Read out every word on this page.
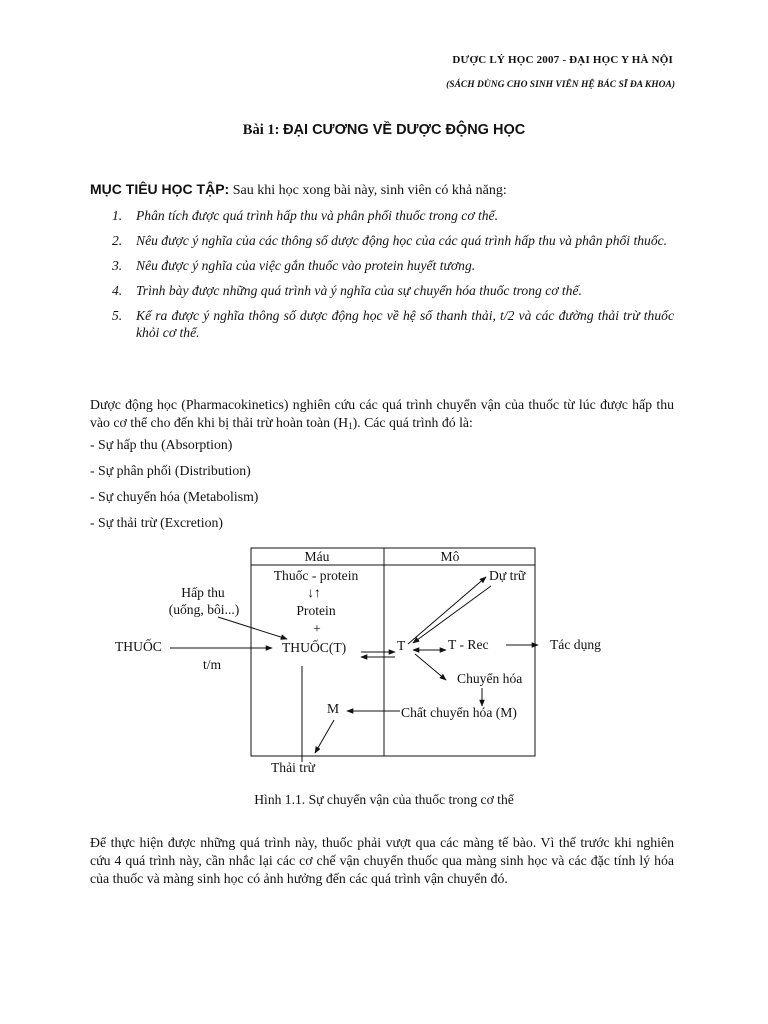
DƯỢC LÝ HỌC 2007 - ĐẠI HỌC Y HÀ NỘI
(SÁCH DÙNG CHO SINH VIÊN HỆ BÁC SĨ ĐA KHOA)
Bài 1: ĐẠI CƯƠNG VỀ DƯỢC ĐỘNG HỌC
MỤC TIÊU HỌC TẬP: Sau khi học xong bài này, sinh viên có khả năng:
1. Phân tích được quá trình hấp thu và phân phối thuốc trong cơ thể.
2. Nêu được ý nghĩa của các thông số dược động học của các quá trình hấp thu và phân phối thuốc.
3. Nêu được ý nghĩa của việc gắn thuốc vào protein huyết tương.
4. Trình bày được những quá trình và ý nghĩa của sự chuyển hóa thuốc trong cơ thể.
5. Kể ra được ý nghĩa thông số dược động học về hệ số thanh thải, t/2 và các đường thải trừ thuốc khỏi cơ thể.

Dược động học (Pharmacokinetics) nghiên cứu các quá trình chuyển vận của thuốc từ lúc được hấp thu vào cơ thể cho đến khi bị thải trừ hoàn toàn $(H_1)$. Các quá trình đó là:

- Sự hấp thu (Absorption)
- Sự phân phối (Distribution)
- Sự chuyển hóa (Metabolism)
- Sự thải trừ (Excretion)
Máu	Mô
Thuốc - protein
↓↑
Protein
+
THUỐC(T)
Hấp thu
(uống, bôi...)
THUỐC
t/m
T	T - Rec	Tác dụng
Dự trữ
Chuyển hóa
M	Chất chuyển hóa (M)
Thải trừ
Hình 1.1. Sự chuyển vận của thuốc trong cơ thể

Để thực hiện được những quá trình này, thuốc phải vượt qua các màng tế bào. Vì thế trước khi nghiên cứu 4 quá trình này, cần nhắc lại các cơ chế vận chuyển thuốc qua màng sinh học và các đặc tính lý hóa của thuốc và màng sinh học có ảnh hưởng đến các quá trình vận chuyển đó.
